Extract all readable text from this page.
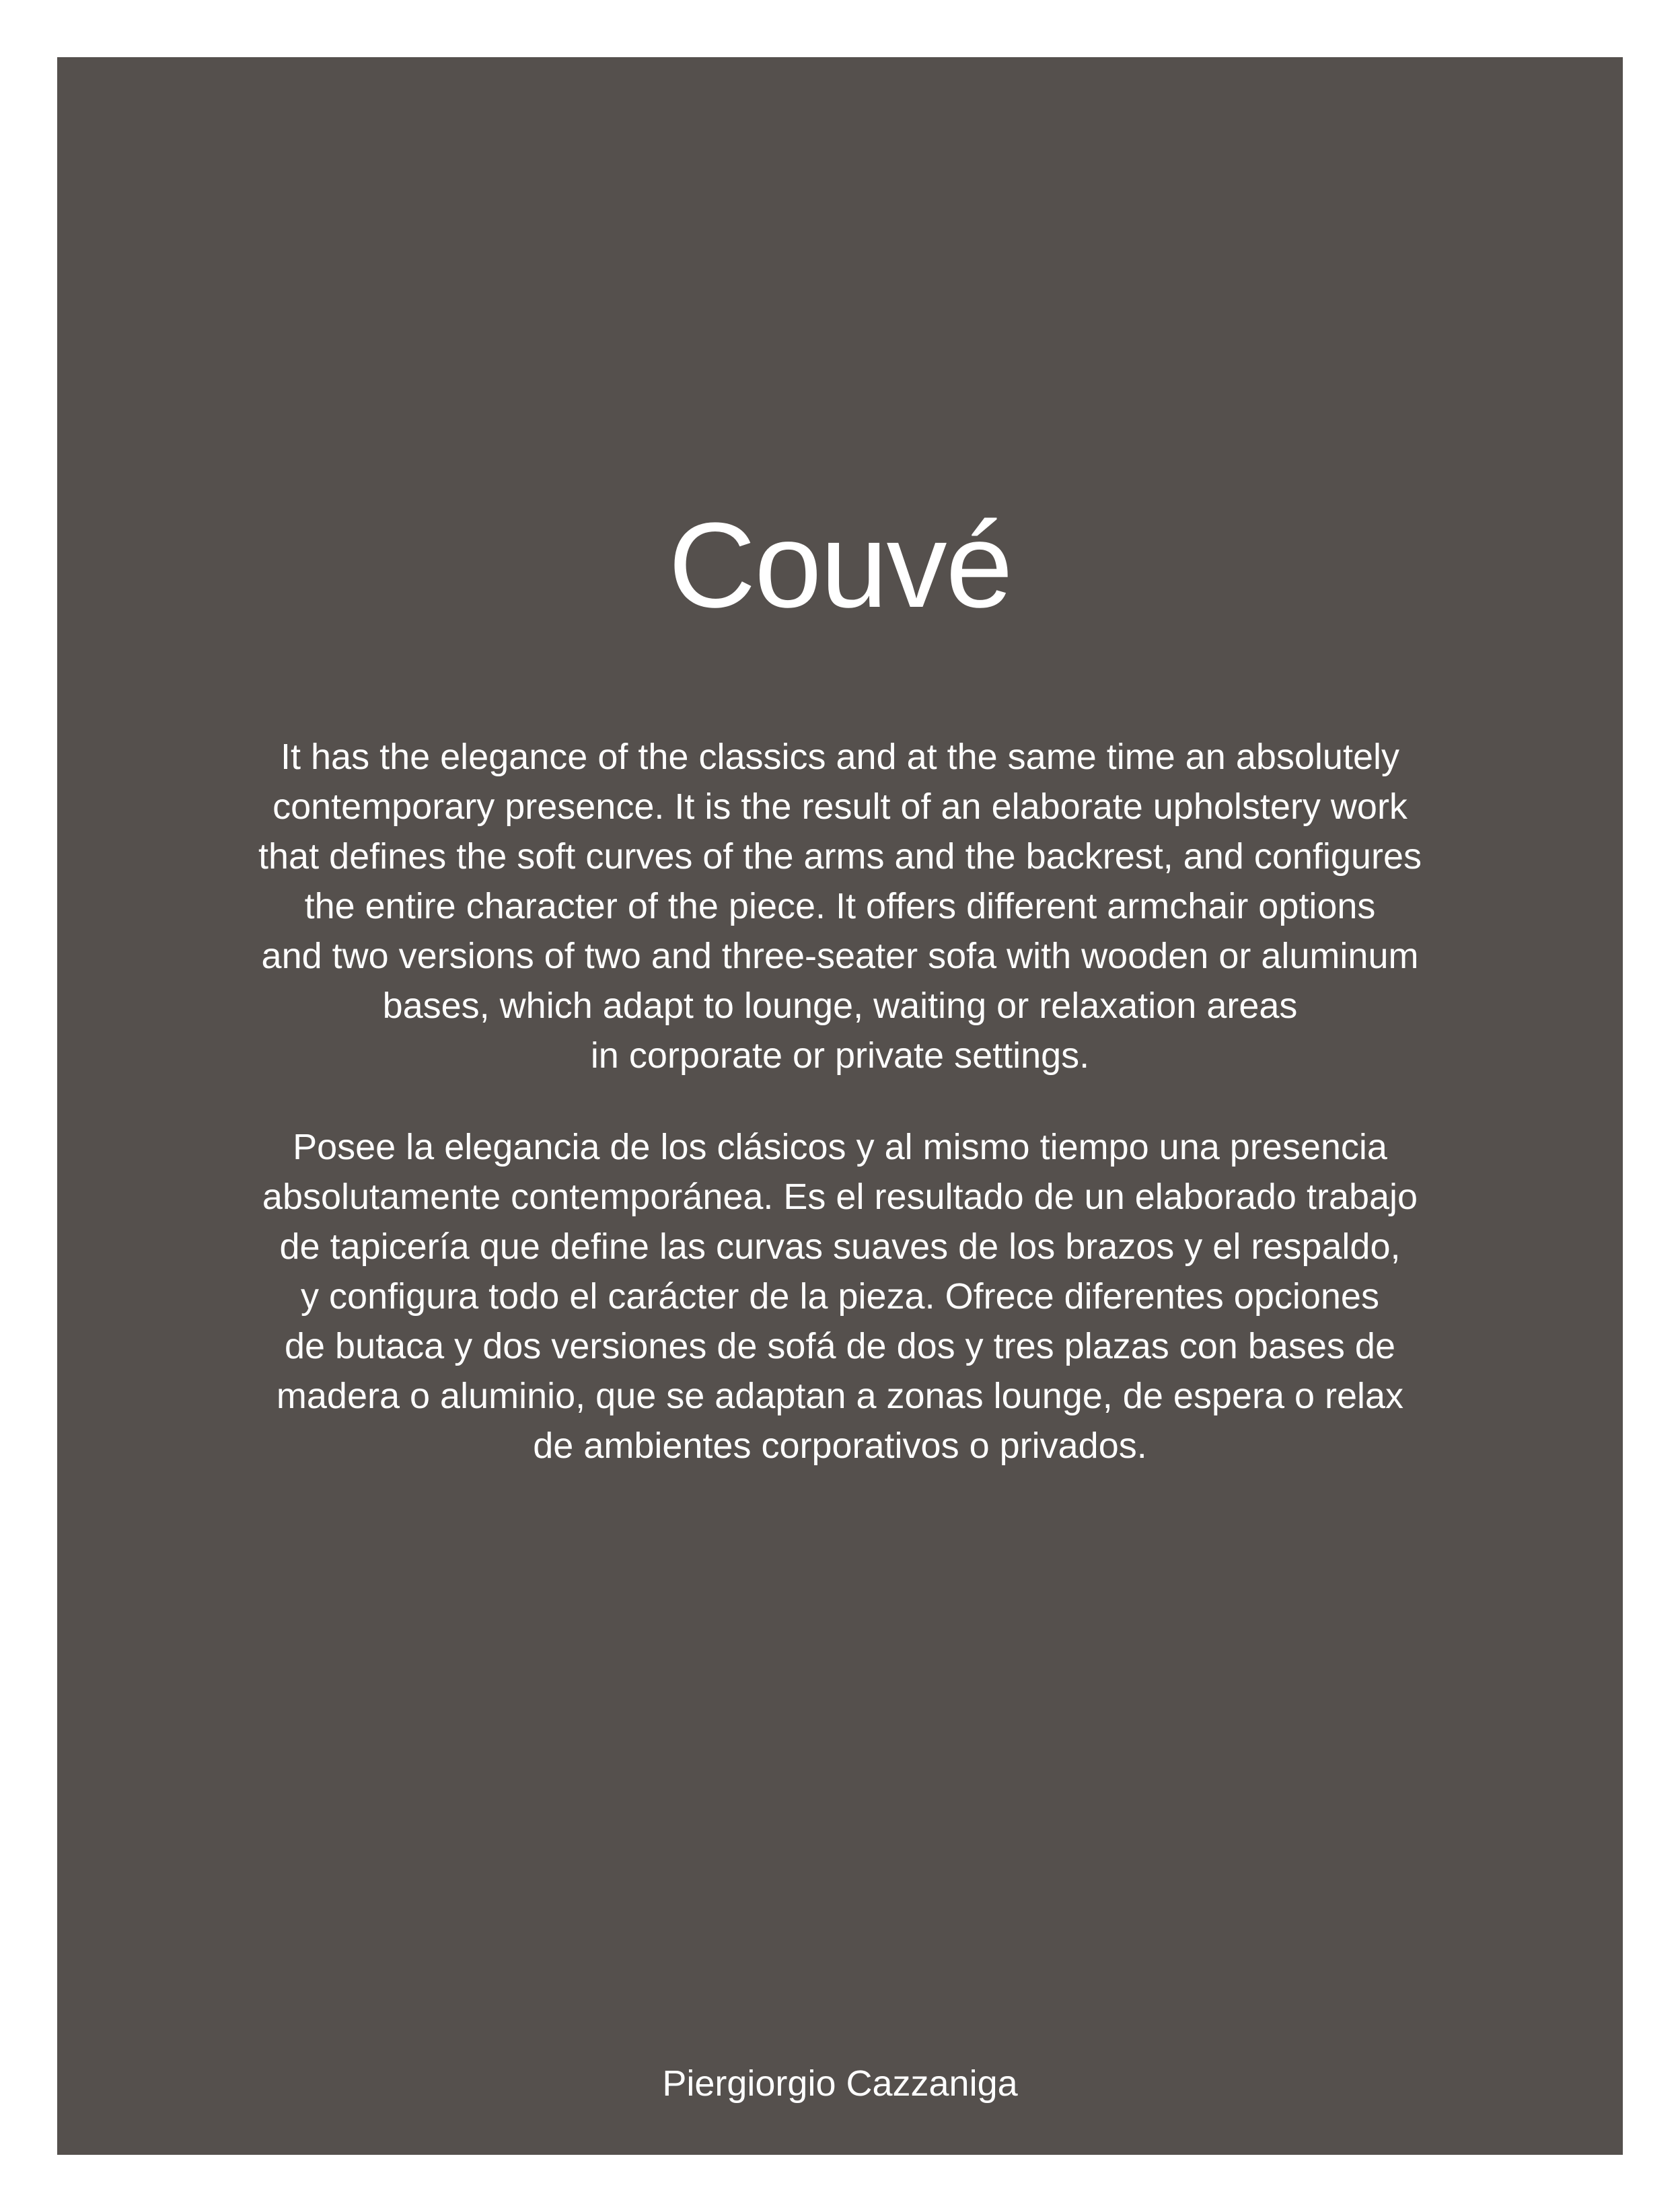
Couvé
It has the elegance of the classics and at the same time an absolutely
contemporary presence. It is the result of an elaborate upholstery work
that defines the soft curves of the arms and the backrest, and configures
the entire character of the piece. It offers different armchair options
and two versions of two and three-seater sofa with wooden or aluminum
bases, which adapt to lounge, waiting or relaxation areas
in corporate or private settings.
Posee la elegancia de los clásicos y al mismo tiempo una presencia
absolutamente contemporánea. Es el resultado de un elaborado trabajo
de tapicería que define las curvas suaves de los brazos y el respaldo,
y configura todo el carácter de la pieza. Ofrece diferentes opciones
de butaca y dos versiones de sofá de dos y tres plazas con bases de
madera o aluminio, que se adaptan a zonas lounge, de espera o relax
de ambientes corporativos o privados.
Piergiorgio Cazzaniga
